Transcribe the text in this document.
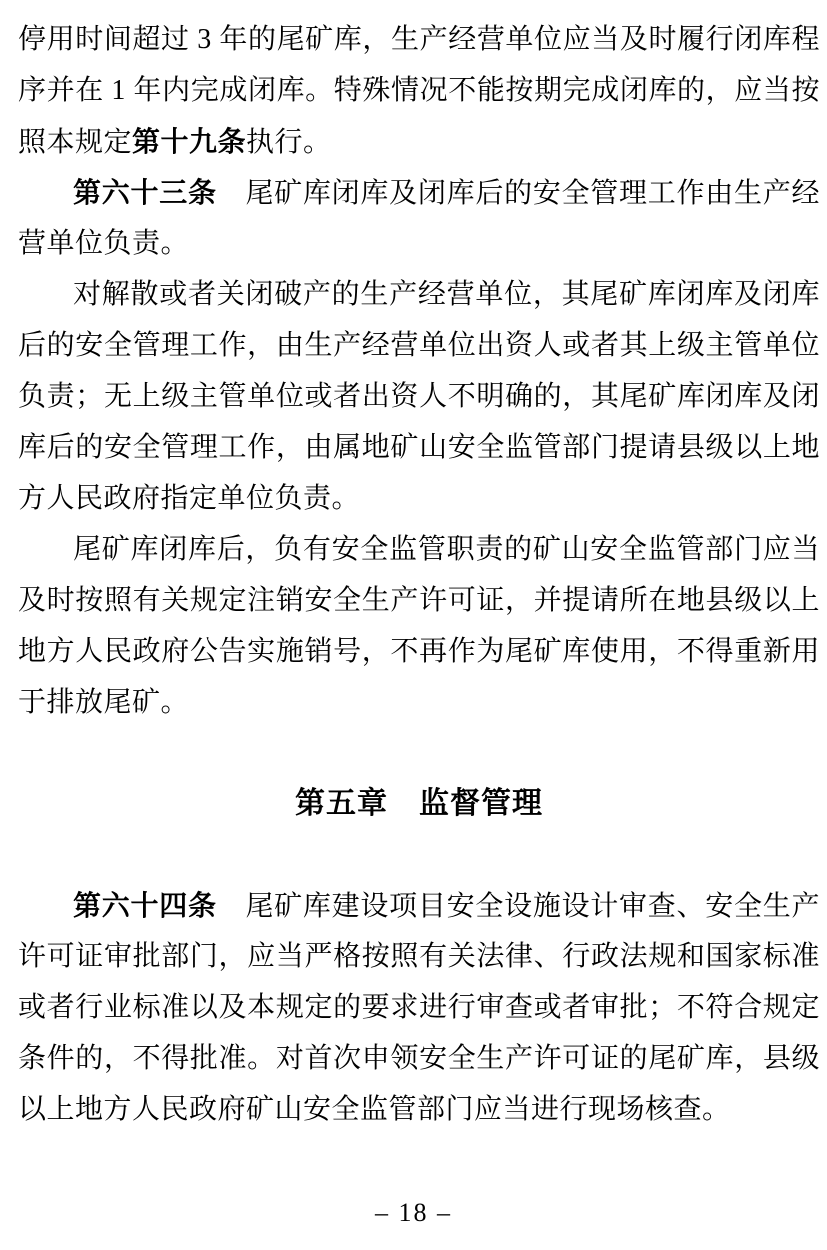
停用时间超过 3 年的尾矿库，生产经营单位应当及时履行闭库程
序并在 1 年内完成闭库。特殊情况不能按期完成闭库的，应当按
照本规定第十九条执行。
第六十三条　尾矿库闭库及闭库后的安全管理工作由生产经
营单位负责。
对解散或者关闭破产的生产经营单位，其尾矿库闭库及闭库
后的安全管理工作，由生产经营单位出资人或者其上级主管单位
负责；无上级主管单位或者出资人不明确的，其尾矿库闭库及闭
库后的安全管理工作，由属地矿山安全监管部门提请县级以上地
方人民政府指定单位负责。
尾矿库闭库后，负有安全监管职责的矿山安全监管部门应当
及时按照有关规定注销安全生产许可证，并提请所在地县级以上
地方人民政府公告实施销号，不再作为尾矿库使用，不得重新用
于排放尾矿。
第五章　监督管理
第六十四条　尾矿库建设项目安全设施设计审查、安全生产
许可证审批部门，应当严格按照有关法律、行政法规和国家标准
或者行业标准以及本规定的要求进行审查或者审批；不符合规定
条件的，不得批准。对首次申领安全生产许可证的尾矿库，县级
以上地方人民政府矿山安全监管部门应当进行现场核查。
– 18 –
